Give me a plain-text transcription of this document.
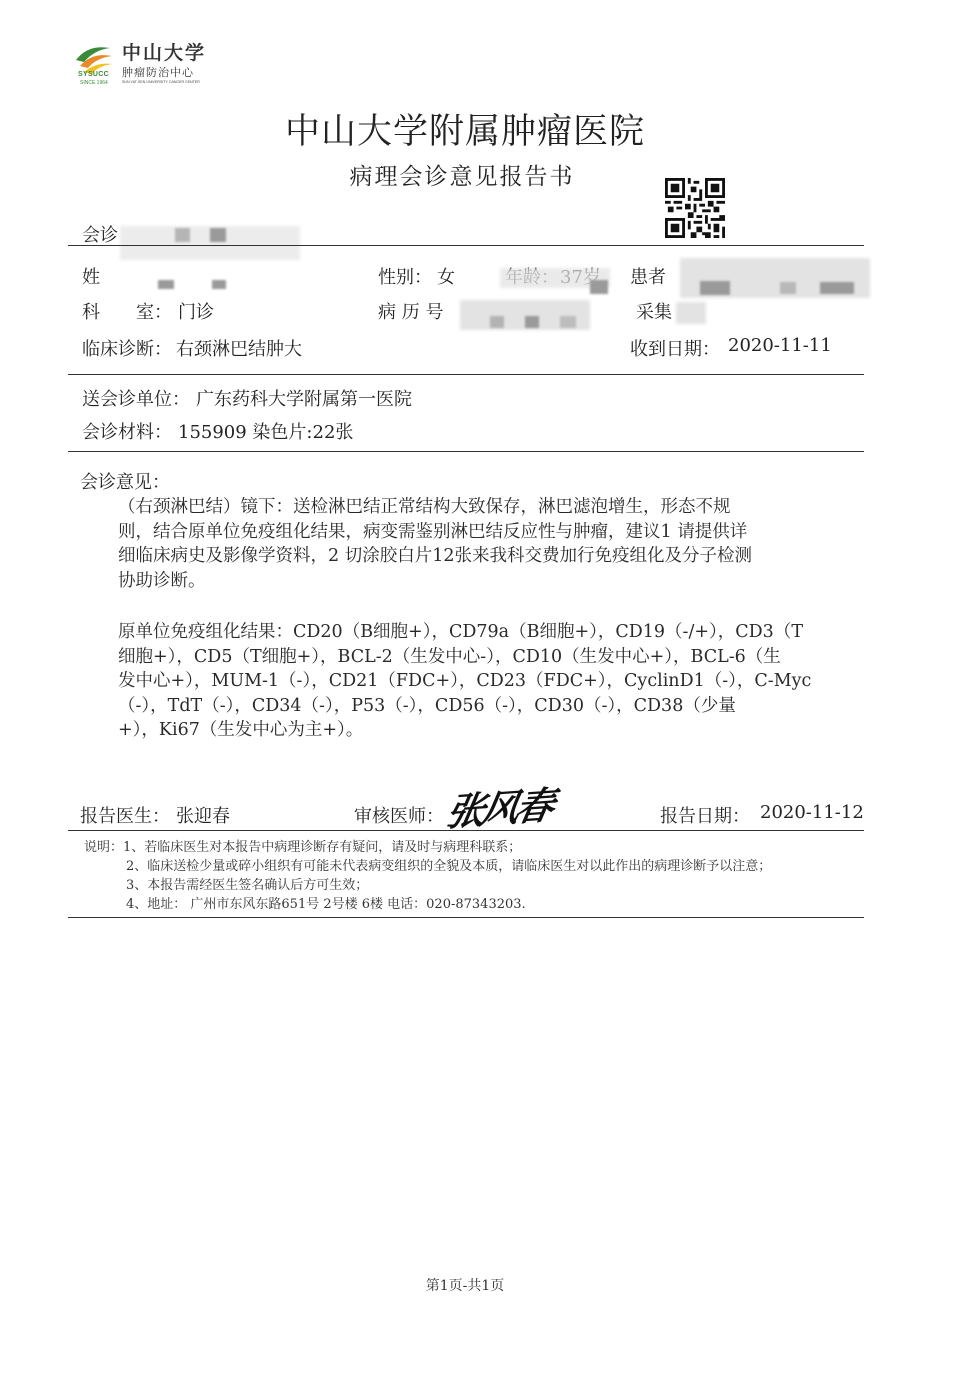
SYSUCC
SINCE 1964
中山大学
肿瘤防治中心
SUN YAT-SEN UNIVERSITY CANCER CENTER
中山大学附属肿瘤医院
病理会诊意见报告书
会诊
姓	性别： 女	患者
科　　室： 门诊	病 历 号	采集
临床诊断： 右颈淋巴结肿大	收到日期： 2020-11-11
送会诊单位： 广东药科大学附属第一医院
会诊材料： 155909 染色片:22张
会诊意见：
（右颈淋巴结）镜下：送检淋巴结正常结构大致保存，淋巴滤泡增生，形态不规
则，结合原单位免疫组化结果，病变需鉴别淋巴结反应性与肿瘤，建议1 请提供详
细临床病史及影像学资料，2 切涂胶白片12张来我科交费加行免疫组化及分子检测
协助诊断。
原单位免疫组化结果：CD20（B细胞+），CD79a（B细胞+），CD19（-/+），CD3（T
细胞+），CD5（T细胞+），BCL-2（生发中心-），CD10（生发中心+），BCL-6（生
发中心+），MUM-1（-），CD21（FDC+），CD23（FDC+），CyclinD1（-），C-Myc
（-），TdT（-），CD34（-），P53（-），CD56（-），CD30（-），CD38（少量
+），Ki67（生发中心为主+）。
报告医生： 张迎春	审核医师：
张风春	报告日期： 2020-11-12
说明：1、若临床医生对本报告中病理诊断存有疑问，请及时与病理科联系；
2、临床送检少量或碎小组织有可能未代表病变组织的全貌及本质，请临床医生对以此作出的病理诊断予以注意；
3、本报告需经医生签名确认后方可生效；
4、地址： 广州市东风东路651号 2号楼 6楼 电话：020-87343203.
第1页-共1页
